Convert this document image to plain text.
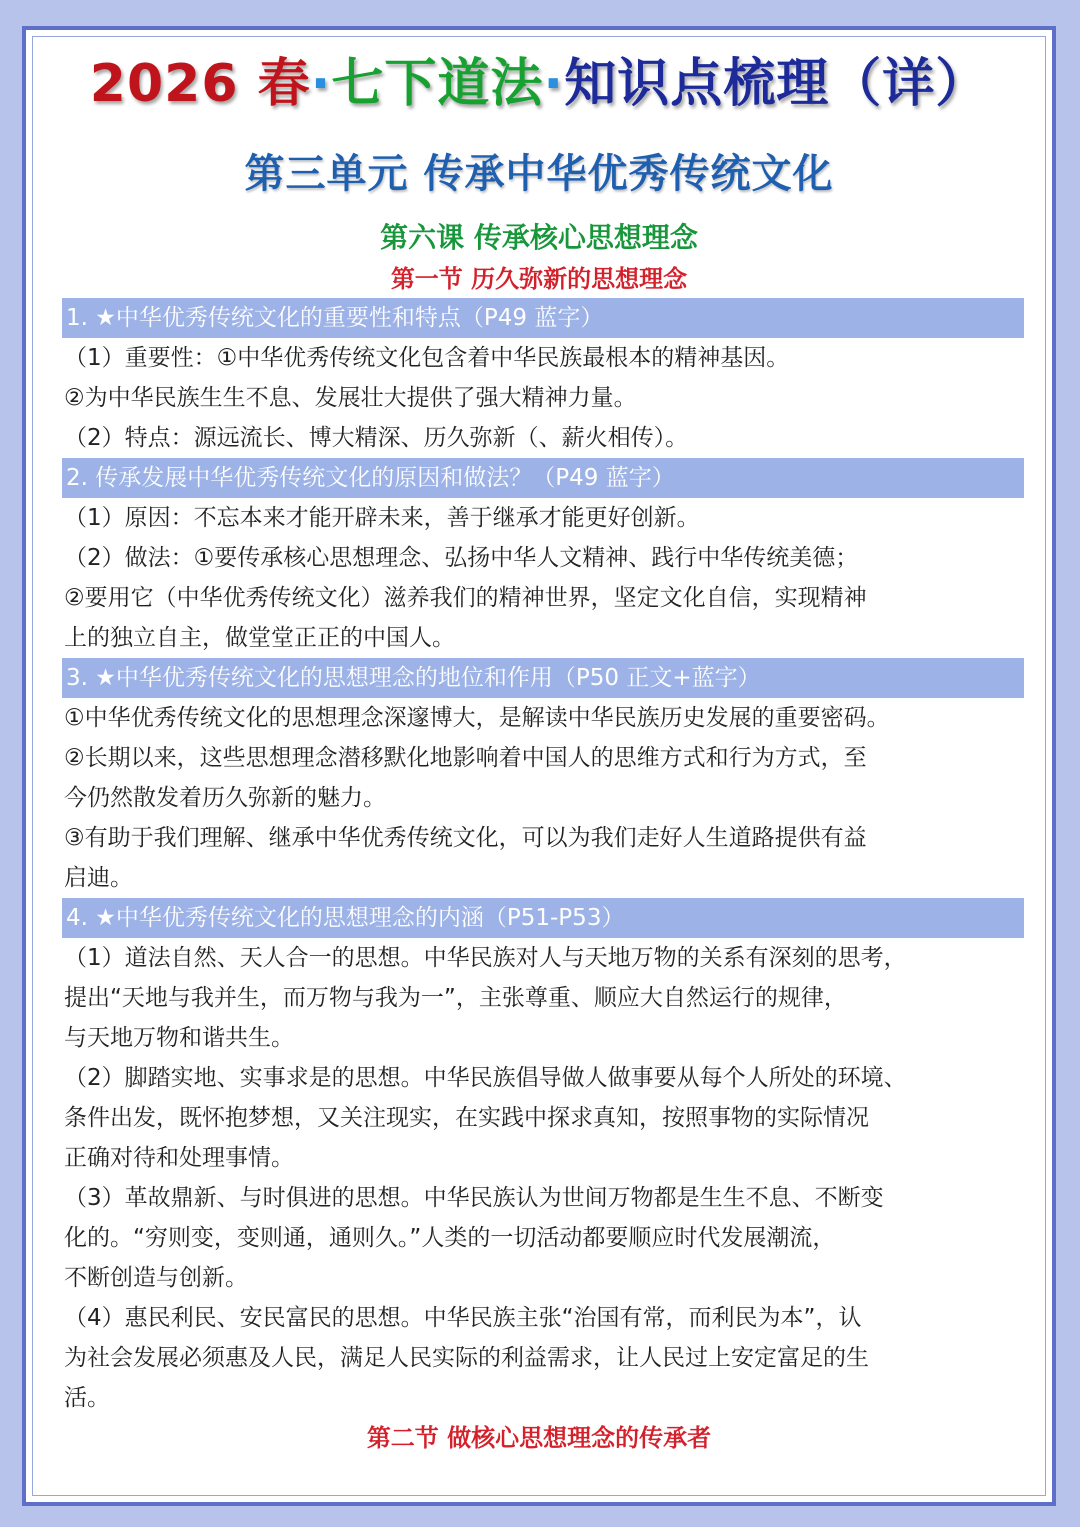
2026 春·七下道法·知识点梳理（详）
第三单元 传承中华优秀传统文化
第六课 传承核心思想理念
第一节 历久弥新的思想理念
1. ★中华优秀传统文化的重要性和特点（P49 蓝字）
（1）重要性：①中华优秀传统文化包含着中华民族最根本的精神基因。
②为中华民族生生不息、发展壮大提供了强大精神力量。
（2）特点：源远流长、博大精深、历久弥新（、薪火相传）。
2. 传承发展中华优秀传统文化的原因和做法？（P49 蓝字）
（1）原因：不忘本来才能开辟未来，善于继承才能更好创新。
（2）做法：①要传承核心思想理念、弘扬中华人文精神、践行中华传统美德；
②要用它（中华优秀传统文化）滋养我们的精神世界，坚定文化自信，实现精神
上的独立自主，做堂堂正正的中国人。
3. ★中华优秀传统文化的思想理念的地位和作用（P50 正文+蓝字）
①中华优秀传统文化的思想理念深邃博大，是解读中华民族历史发展的重要密码。
②长期以来，这些思想理念潜移默化地影响着中国人的思维方式和行为方式，至
今仍然散发着历久弥新的魅力。
③有助于我们理解、继承中华优秀传统文化，可以为我们走好人生道路提供有益
启迪。
4. ★中华优秀传统文化的思想理念的内涵（P51-P53）
（1）道法自然、天人合一的思想。中华民族对人与天地万物的关系有深刻的思考，
提出“天地与我并生，而万物与我为一”，主张尊重、顺应大自然运行的规律，
与天地万物和谐共生。
（2）脚踏实地、实事求是的思想。中华民族倡导做人做事要从每个人所处的环境、
条件出发，既怀抱梦想，又关注现实，在实践中探求真知，按照事物的实际情况
正确对待和处理事情。
（3）革故鼎新、与时俱进的思想。中华民族认为世间万物都是生生不息、不断变
化的。“穷则变，变则通，通则久。”人类的一切活动都要顺应时代发展潮流，
不断创造与创新。
（4）惠民利民、安民富民的思想。中华民族主张“治国有常，而利民为本”，认
为社会发展必须惠及人民，满足人民实际的利益需求，让人民过上安定富足的生
活。
第二节 做核心思想理念的传承者
